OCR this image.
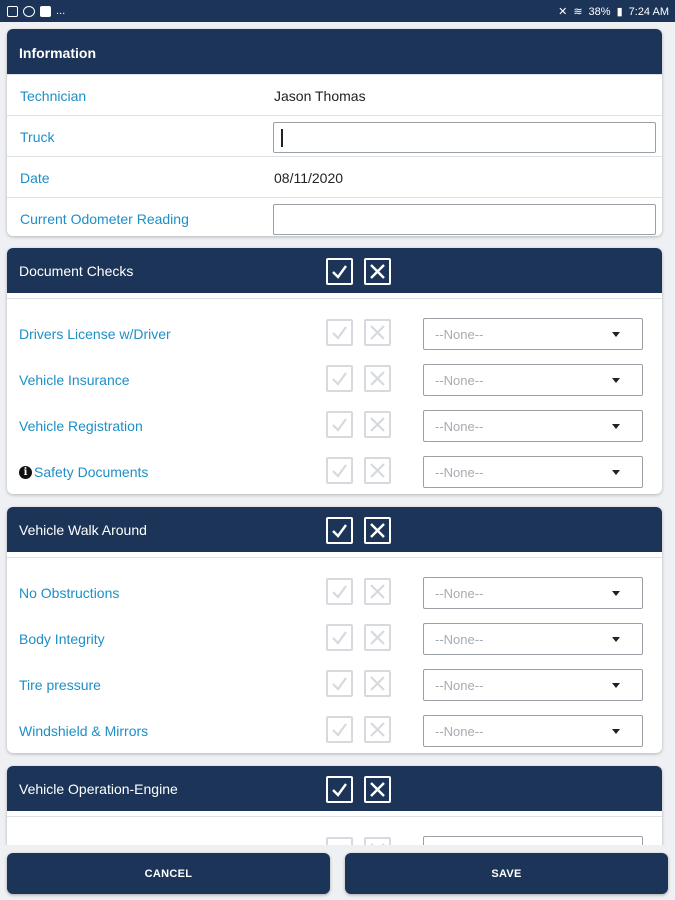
...	✕ ≋ 38% ▮ 7:24 AM
Information
Technician	Jason Thomas
Truck
Date	08/11/2020
Current Odometer Reading
Document Checks
Drivers License w/Driver	--None--
Vehicle Insurance	--None--
Vehicle Registration	--None--
i Safety Documents	--None--
Vehicle Walk Around
No Obstructions	--None--
Body Integrity	--None--
Tire pressure	--None--
Windshield & Mirrors	--None--
Vehicle Operation-Engine
CANCEL	SAVE
